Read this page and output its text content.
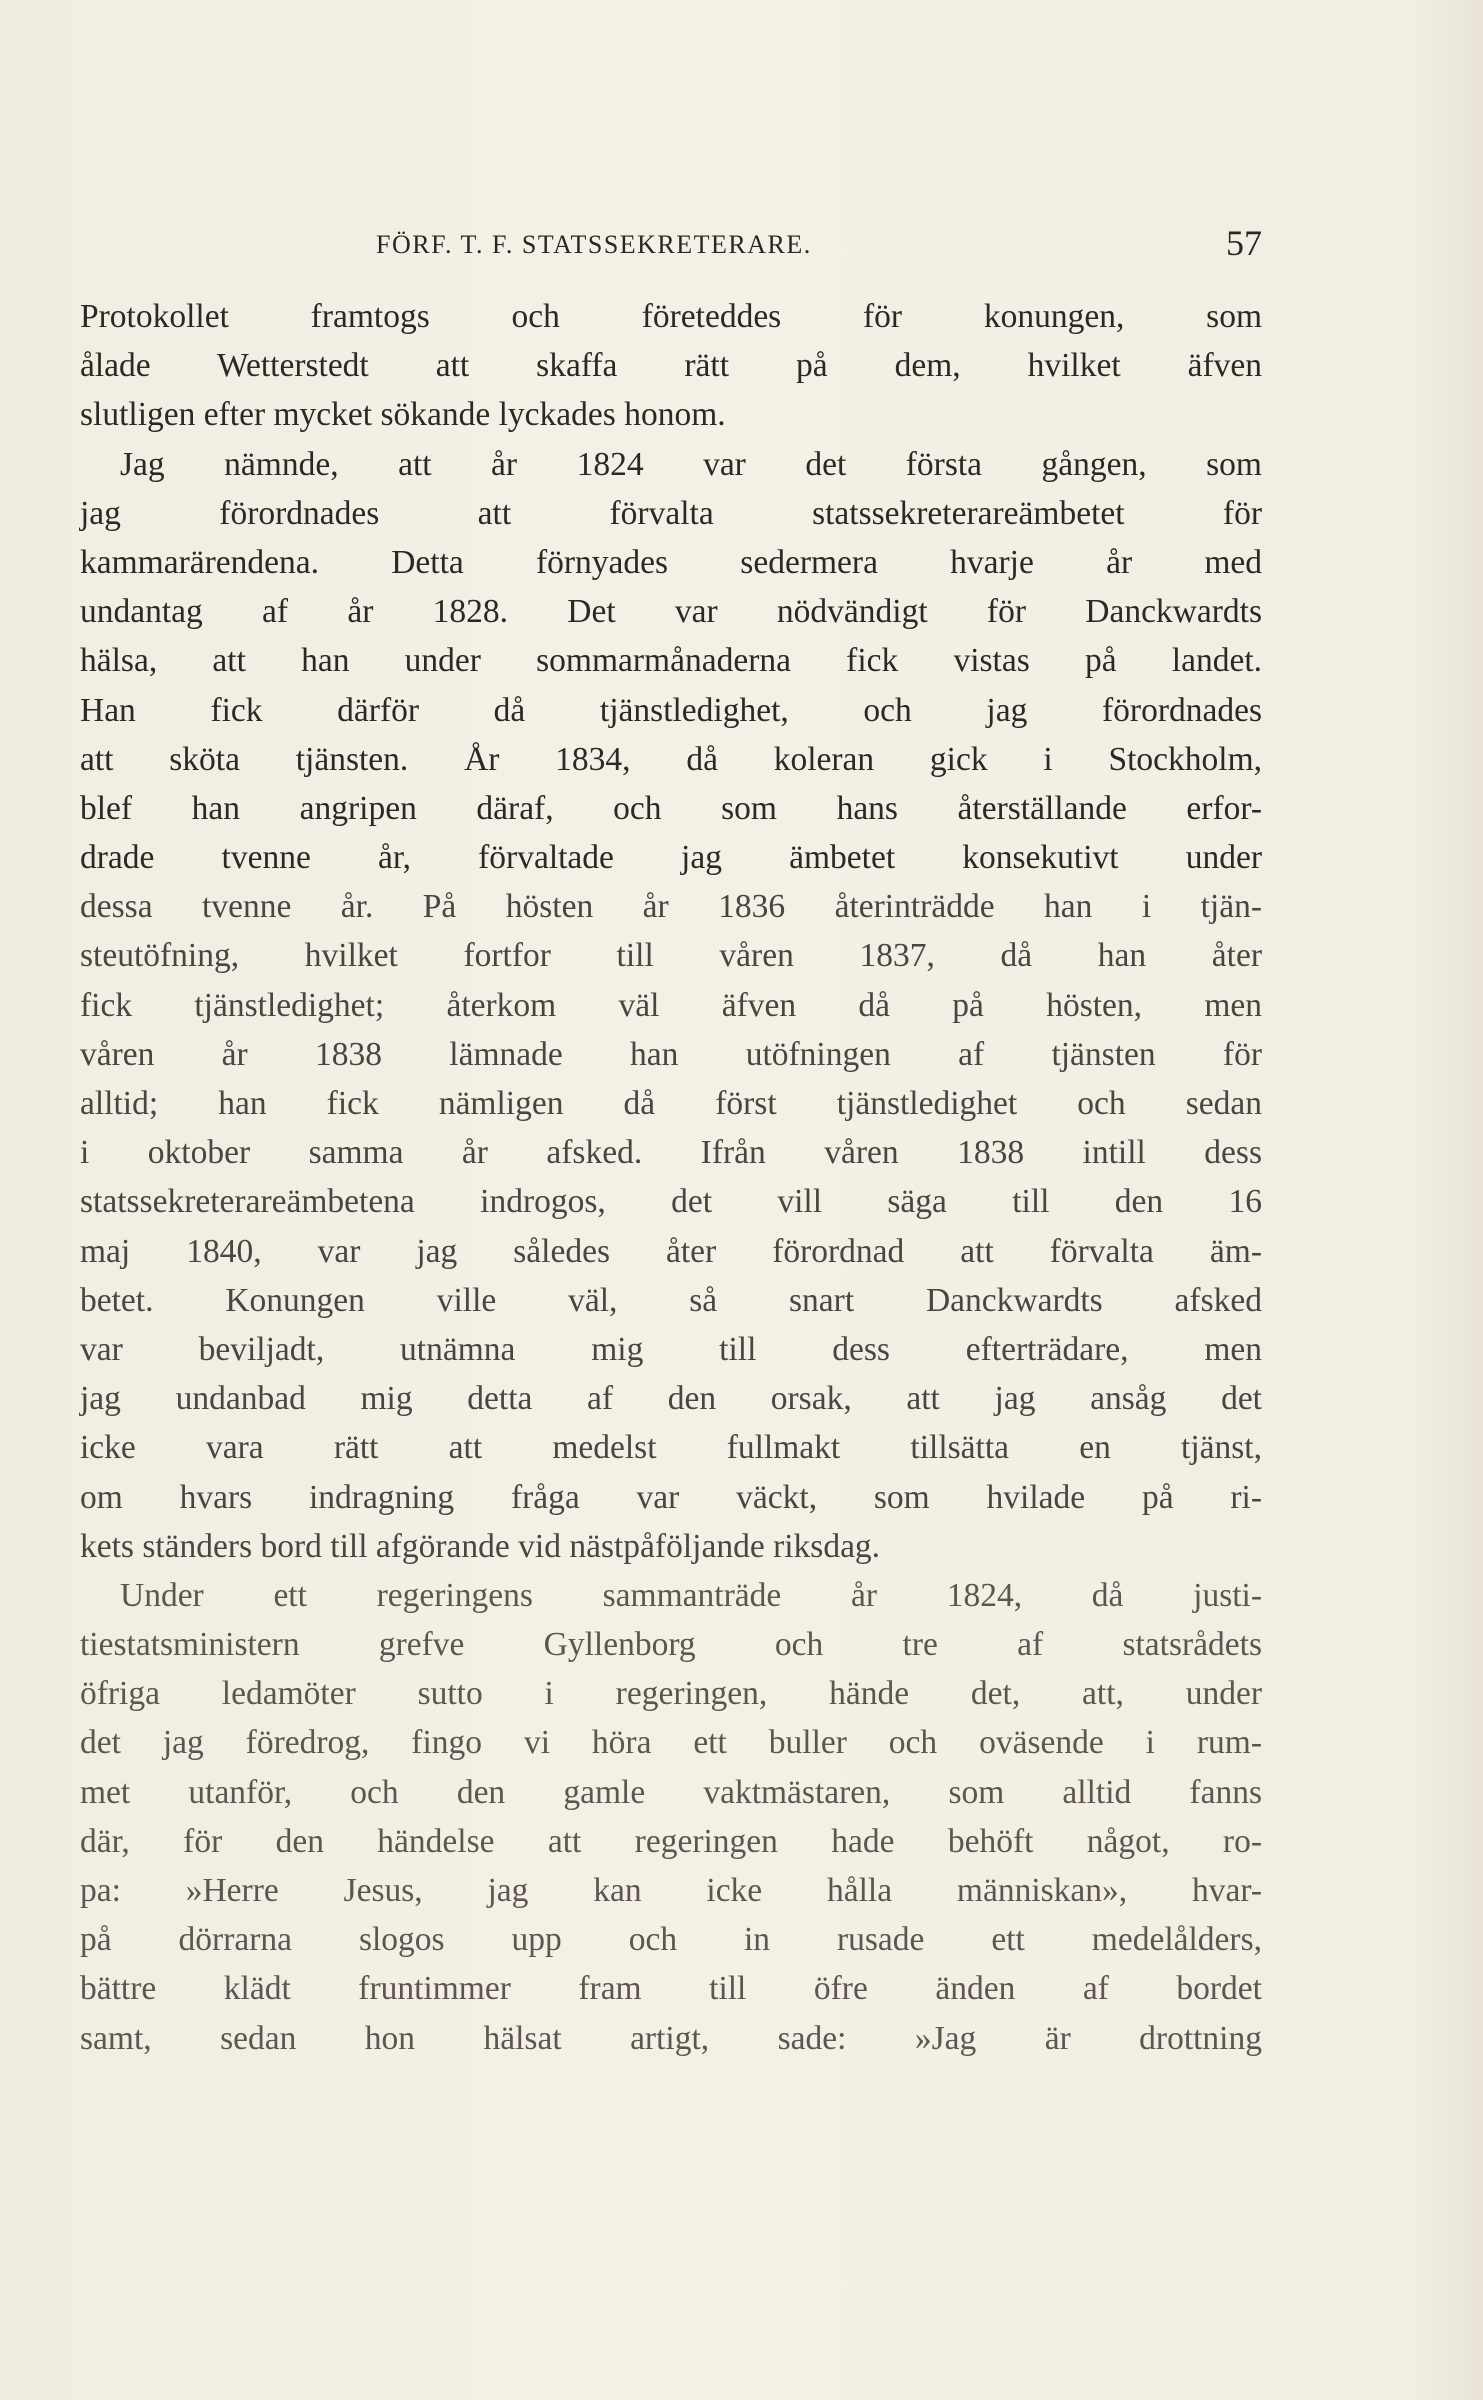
FÖRF. T. F. STATSSEKRETERARE.	57
Protokollet framtogs och företeddes för konungen, som
ålade Wetterstedt att skaffa rätt på dem, hvilket äfven
slutligen efter mycket sökande lyckades honom.
Jag nämnde, att år 1824 var det första gången, som
jag förordnades att förvalta statssekreterareämbetet för
kammarärendena. Detta förnyades sedermera hvarje år med
undantag af år 1828. Det var nödvändigt för Danckwardts
hälsa, att han under sommarmånaderna fick vistas på landet.
Han fick därför då tjänstledighet, och jag förordnades
att sköta tjänsten. År 1834, då koleran gick i Stockholm,
blef han angripen däraf, och som hans återställande erfor-
drade tvenne år, förvaltade jag ämbetet konsekutivt under
dessa tvenne år. På hösten år 1836 återinträdde han i tjän-
steutöfning, hvilket fortfor till våren 1837, då han åter
fick tjänstledighet; återkom väl äfven då på hösten, men
våren år 1838 lämnade han utöfningen af tjänsten för
alltid; han fick nämligen då först tjänstledighet och sedan
i oktober samma år afsked. Ifrån våren 1838 intill dess
statssekreterareämbetena indrogos, det vill säga till den 16
maj 1840, var jag således åter förordnad att förvalta äm-
betet. Konungen ville väl, så snart Danckwardts afsked
var beviljadt, utnämna mig till dess efterträdare, men
jag undanbad mig detta af den orsak, att jag ansåg det
icke vara rätt att medelst fullmakt tillsätta en tjänst,
om hvars indragning fråga var väckt, som hvilade på ri-
kets ständers bord till afgörande vid nästpåföljande riksdag.
Under ett regeringens sammanträde år 1824, då justi-
tiestatsministern grefve Gyllenborg och tre af statsrådets
öfriga ledamöter sutto i regeringen, hände det, att, under
det jag föredrog, fingo vi höra ett buller och oväsende i rum-
met utanför, och den gamle vaktmästaren, som alltid fanns
där, för den händelse att regeringen hade behöft något, ro-
pa: »Herre Jesus, jag kan icke hålla människan», hvar-
på dörrarna slogos upp och in rusade ett medelålders,
bättre klädt fruntimmer fram till öfre änden af bordet
samt, sedan hon hälsat artigt, sade: »Jag är drottning
